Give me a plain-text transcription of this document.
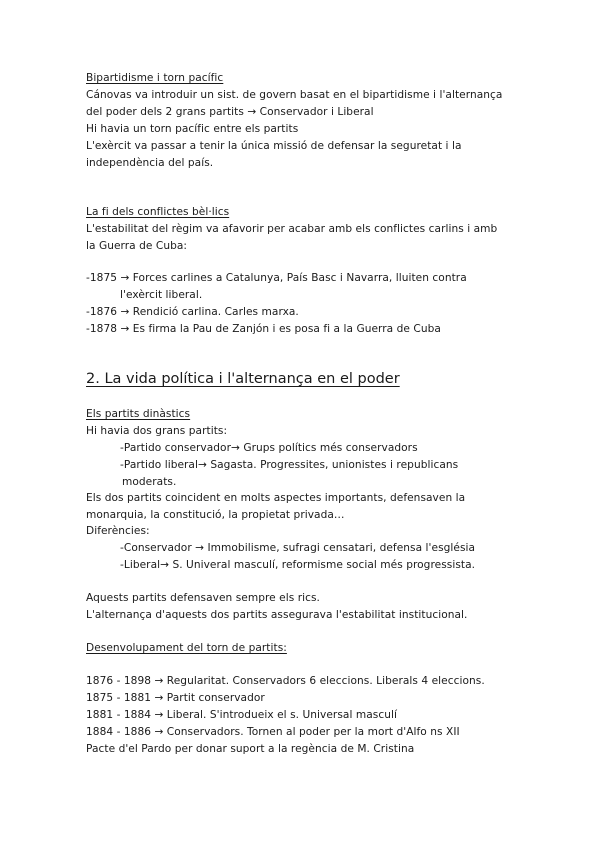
Bipartidisme i torn pacífic
Cánovas va introduir un sist. de govern basat en el bipartidisme i l'alternança
del poder dels 2 grans partits → Conservador i Liberal
Hi havia un torn pacífic entre els partits
L'exèrcit va passar a tenir la única missió de defensar la seguretat i la
independència del país.
La fi dels conflictes bèl·lics
L'estabilitat del règim va afavorir per acabar amb els conflictes carlins i amb
la Guerra de Cuba:
-1875 → Forces carlines a Catalunya, País Basc i Navarra, lluiten contra
l'exèrcit liberal.
-1876 → Rendició carlina. Carles marxa.
-1878 → Es firma la Pau de Zanjón i es posa fi a la Guerra de Cuba
2. La vida política i l'alternança en el poder
Els partits dinàstics
Hi havia dos grans partits:
-Partido conservador→ Grups polítics més conservadors
-Partido liberal→ Sagasta. Progressites, unionistes i republicans
moderats.
Els dos partits coincident en molts aspectes importants, defensaven la
monarquia, la constitució, la propietat privada…
Diferències:
-Conservador → Immobilisme, sufragi censatari, defensa l'església
-Liberal→ S. Univeral masculí, reformisme social més progressista.
Aquests partits defensaven sempre els rics.
L'alternança d'aquests dos partits assegurava l'estabilitat institucional.
Desenvolupament del torn de partits:
1876 - 1898 → Regularitat. Conservadors 6 eleccions. Liberals 4 eleccions.
1875 - 1881 → Partit conservador
1881 - 1884 → Liberal. S'introdueix el s. Universal masculí
1884 - 1886 → Conservadors. Tornen al poder per la mort d'Alfo ns XII
Pacte d'el Pardo per donar suport a la regència de M. Cristina
